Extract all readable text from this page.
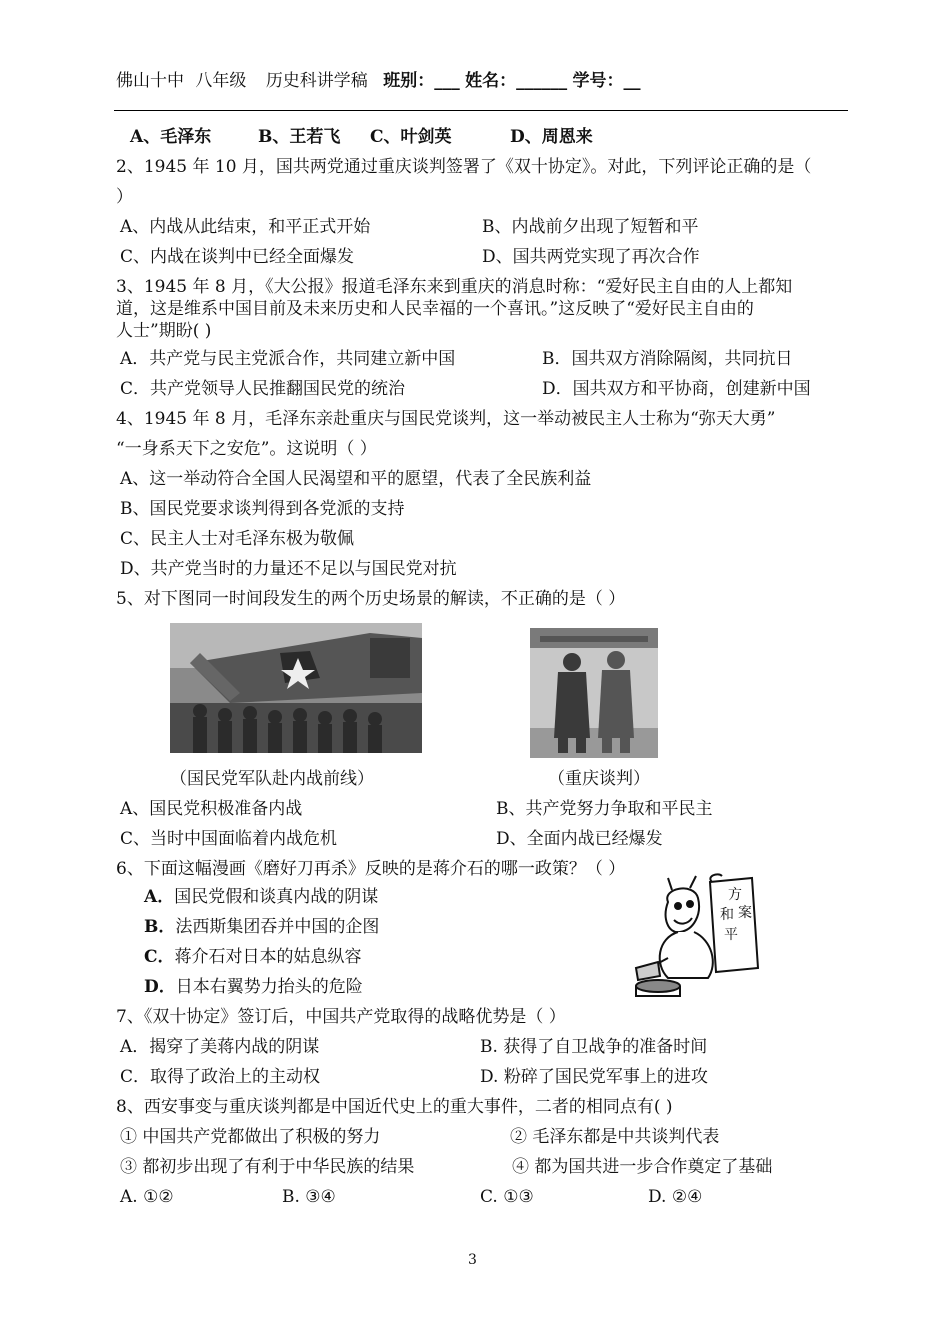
佛山十中 八年级 历史科讲学稿 班别：___ 姓名：______ 学号：__
A、毛泽东	B、王若飞 C、叶剑英	D、周恩来
2、1945 年 10 月，国共两党通过重庆谈判签署了《双十协定》。对此，下列评论正确的是（
）
A、内战从此结束，和平正式开始	B、内战前夕出现了短暂和平
C、内战在谈判中已经全面爆发	D、国共两党实现了再次合作
3、1945 年 8 月，《大公报》报道毛泽东来到重庆的消息时称：“爱好民主自由的人上都知
道，这是维系中国目前及未来历史和人民幸福的一个喜讯。”这反映了“爱好民主自由的
人士”期盼( )
A．共产党与民主党派合作，共同建立新中国	B．国共双方消除隔阂，共同抗日
C．共产党领导人民推翻国民党的统治	D．国共双方和平协商，创建新中国
4、1945 年 8 月，毛泽东亲赴重庆与国民党谈判，这一举动被民主人士称为“弥天大勇”
“一身系天下之安危”。这说明（ ）
A、这一举动符合全国人民渴望和平的愿望，代表了全民族利益
B、国民党要求谈判得到各党派的支持
C、民主人士对毛泽东极为敬佩
D、共产党当时的力量还不足以与国民党对抗
5、对下图同一时间段发生的两个历史场景的解读，不正确的是（ ）
（国民党军队赴内战前线）	（重庆谈判）
A、国民党积极准备内战	B、共产党努力争取和平民主
C、当时中国面临着内战危机	D、全面内战已经爆发
6、下面这幅漫画《磨好刀再杀》反映的是蒋介石的哪一政策？（ ）
A．国民党假和谈真内战的阴谋
B．法西斯集团吞并中国的企图
C．蒋介石对日本的姑息纵容
D．日本右翼势力抬头的危险
方
案
和
平
7、《双十协定》签订后，中国共产党取得的战略优势是（ ）
A．揭穿了美蒋内战的阴谋	B. 获得了自卫战争的准备时间
C．取得了政治上的主动权	D. 粉碎了国民党军事上的进攻
8、西安事变与重庆谈判都是中国近代史上的重大事件，二者的相同点有( )
① 中国共产党都做出了积极的努力	② 毛泽东都是中共谈判代表
③ 都初步出现了有利于中华民族的结果	④ 都为国共进一步合作奠定了基础
A. ①②	B. ③④	C. ①③	D. ②④
3
